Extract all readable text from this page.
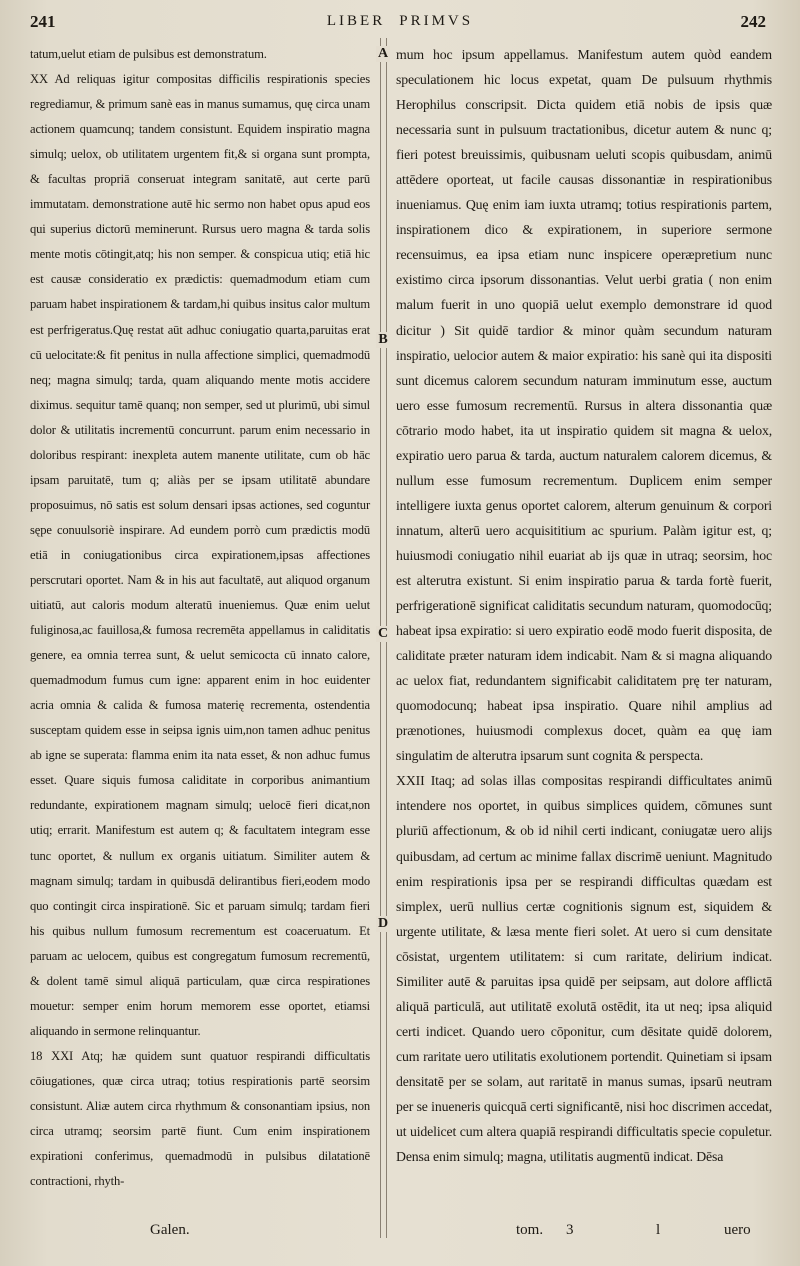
241	LIBER PRIMVS	242
A
B
C
D

tatum,uelut etiam de pulsibus est demonstratum.

XX Ad reliquas igitur compositas difficilis respirationis species regrediamur, & primum sanè eas in manus sumamus, quę circa unam actionem quamcunq; tandem consistunt. Equidem inspiratio magna simulq; uelox, ob utilitatem urgentem fit,& si organa sunt prompta, & facultas propriā conseruat integram sanitatē, aut certe parū immutatam. demonstratione autē hic sermo non habet opus apud eos qui superius dictorū meminerunt. Rursus uero magna & tarda solis mente motis cōtingit,atq; his non semper. & conspicua utiq; etiā hic est causæ consideratio ex prædictis: quemadmodum etiam cum paruam habet inspirationem & tardam,hi quibus insitus calor multum est perfrigeratus.Quę restat aūt adhuc coniugatio quarta,paruitas erat cū uelocitate:& fit penitus in nulla affectione simplici, quemadmodū neq; magna simulq; tarda, quam aliquando mente motis accidere diximus. sequitur tamē quanq; non semper, sed ut plurimū, ubi simul dolor & utilitatis incrementū concurrunt. parum enim necessario in doloribus respirant: inexpleta autem manente utilitate, cum ob hāc ipsam paruitatē, tum q; aliàs per se ipsam utilitatē abundare proposuimus, nō satis est solum densari ipsas actiones, sed coguntur sępe conuulsoriè inspirare. Ad eundem porrò cum prædictis modū etiā in coniugationibus circa expirationem,ipsas affectiones perscrutari oportet. Nam & in his aut facultatē, aut aliquod organum uitiatū, aut caloris modum alteratū inueniemus. Quæ enim uelut fuliginosa,ac fauillosa,& fumosa recremēta appellamus in caliditatis genere, ea omnia terrea sunt, & uelut semicocta cū innato calore, quemadmodum fumus cum igne: apparent enim in hoc euidenter acria omnia & calida & fumosa materię recrementa, ostendentia susceptam quidem esse in seipsa ignis uim,non tamen adhuc penitus ab igne se superata: flamma enim ita nata esset, & non adhuc fumus esset. Quare siquis fumosa caliditate in corporibus animantium redundante, expirationem magnam simulq; uelocē fieri dicat,non utiq; errarit. Manifestum est autem q; & facultatem integram esse tunc oportet, & nullum ex organis uitiatum. Similiter autem & magnam simulq; tardam in quibusdā delirantibus fieri,eodem modo quo contingit circa inspirationē. Sic et paruam simulq; tardam fieri his quibus nullum fumosum recrementum est coaceruatum. Et paruam ac uelocem, quibus est congregatum fumosum recrementū, & dolent tamē simul aliquā particulam, quæ circa respirationes mouetur: semper enim horum memorem esse oportet, etiamsi aliquando in sermone relinquantur.

18 XXI Atq; hæ quidem sunt quatuor respirandi difficultatis cōiugationes, quæ circa utraq; totius respirationis partē seorsim consistunt. Aliæ autem circa rhythmum & consonantiam ipsius, non circa utramq; seorsim partē fiunt. Cum enim inspirationem expirationi conferimus, quemadmodū in pulsibus dilatationē contractioni, rhyth-

mum hoc ipsum appellamus. Manifestum autem quòd eandem speculationem hic locus expetat, quam De pulsuum rhythmis Herophilus conscripsit. Dicta quidem etiā nobis de ipsis quæ necessaria sunt in pulsuum tractationibus, dicetur autem & nunc q; fieri potest breuissimis, quibusnam ueluti scopis quibusdam, animū attēdere oporteat, ut facile causas dissonantiæ in respirationibus inueniamus. Quę enim iam iuxta utramq; totius respirationis partem, inspirationem dico & expirationem, in superiore sermone recensuimus, ea ipsa etiam nunc inspicere operæpretium nunc existimo circa ipsorum dissonantias. Velut uerbi gratia ( non enim malum fuerit in uno quopiā uelut exemplo demonstrare id quod dicitur ) Sit quidē tardior & minor quàm secundum naturam inspiratio, uelocior autem & maior expiratio: his sanè qui ita dispositi sunt dicemus calorem secundum naturam imminutum esse, auctum uero esse fumosum recrementū. Rursus in altera dissonantia quæ cōtrario modo habet, ita ut inspiratio quidem sit magna & uelox, expiratio uero parua & tarda, auctum naturalem calorem dicemus, & nullum esse fumosum recrementum. Duplicem enim semper intelligere iuxta genus oportet calorem, alterum genuinum & corpori innatum, alterū uero acquisititium ac spurium. Palàm igitur est, q; huiusmodi coniugatio nihil euariat ab ijs quæ in utraq; seorsim, hoc est alterutra existunt. Si enim inspiratio parua & tarda fortè fuerit, perfrigerationē significat caliditatis secundum naturam, quomodocūq; habeat ipsa expiratio: si uero expiratio eodē modo fuerit disposita, de caliditate præter naturam idem indicabit. Nam & si magna aliquando ac uelox fiat, redundantem significabit caliditatem prę ter naturam, quomodocunq; habeat ipsa inspiratio. Quare nihil amplius ad prænotiones, huiusmodi complexus docet, quàm ea quę iam singulatim de alterutra ipsarum sunt cognita & perspecta.

XXII Itaq; ad solas illas compositas respirandi difficultates animū intendere nos oportet, in quibus simplices quidem, cōmunes sunt pluriū affectionum, & ob id nihil certi indicant, coniugatæ uero alijs quibusdam, ad certum ac minime fallax discrimē ueniunt. Magnitudo enim respirationis ipsa per se respirandi difficultas quædam est simplex, uerū nullius certæ cognitionis signum est, siquidem & urgente utilitate, & læsa mente fieri solet. At uero si cum densitate cōsistat, urgentem utilitatem: si cum raritate, delirium indicat. Similiter autē & paruitas ipsa quidē per seipsam, aut dolore afflictā aliquā particulā, aut utilitatē exolutā ostēdit, ita ut neq; ipsa aliquid certi indicet. Quando uero cōponitur, cum dēsitate quidē dolorem, cum raritate uero utilitatis exolutionem portendit. Quinetiam si ipsam densitatē per se solam, aut raritatē in manus sumas, ipsarū neutram per se inueneris quicquā certi significantē, nisi hoc discrimen accedat, ut uidelicet cum altera quapiā respirandi difficultatis specie copuletur. Densa enim simulq; magna, utilitatis augmentū indicat. Dēsa

Galen.	tom. 3	l	uero
